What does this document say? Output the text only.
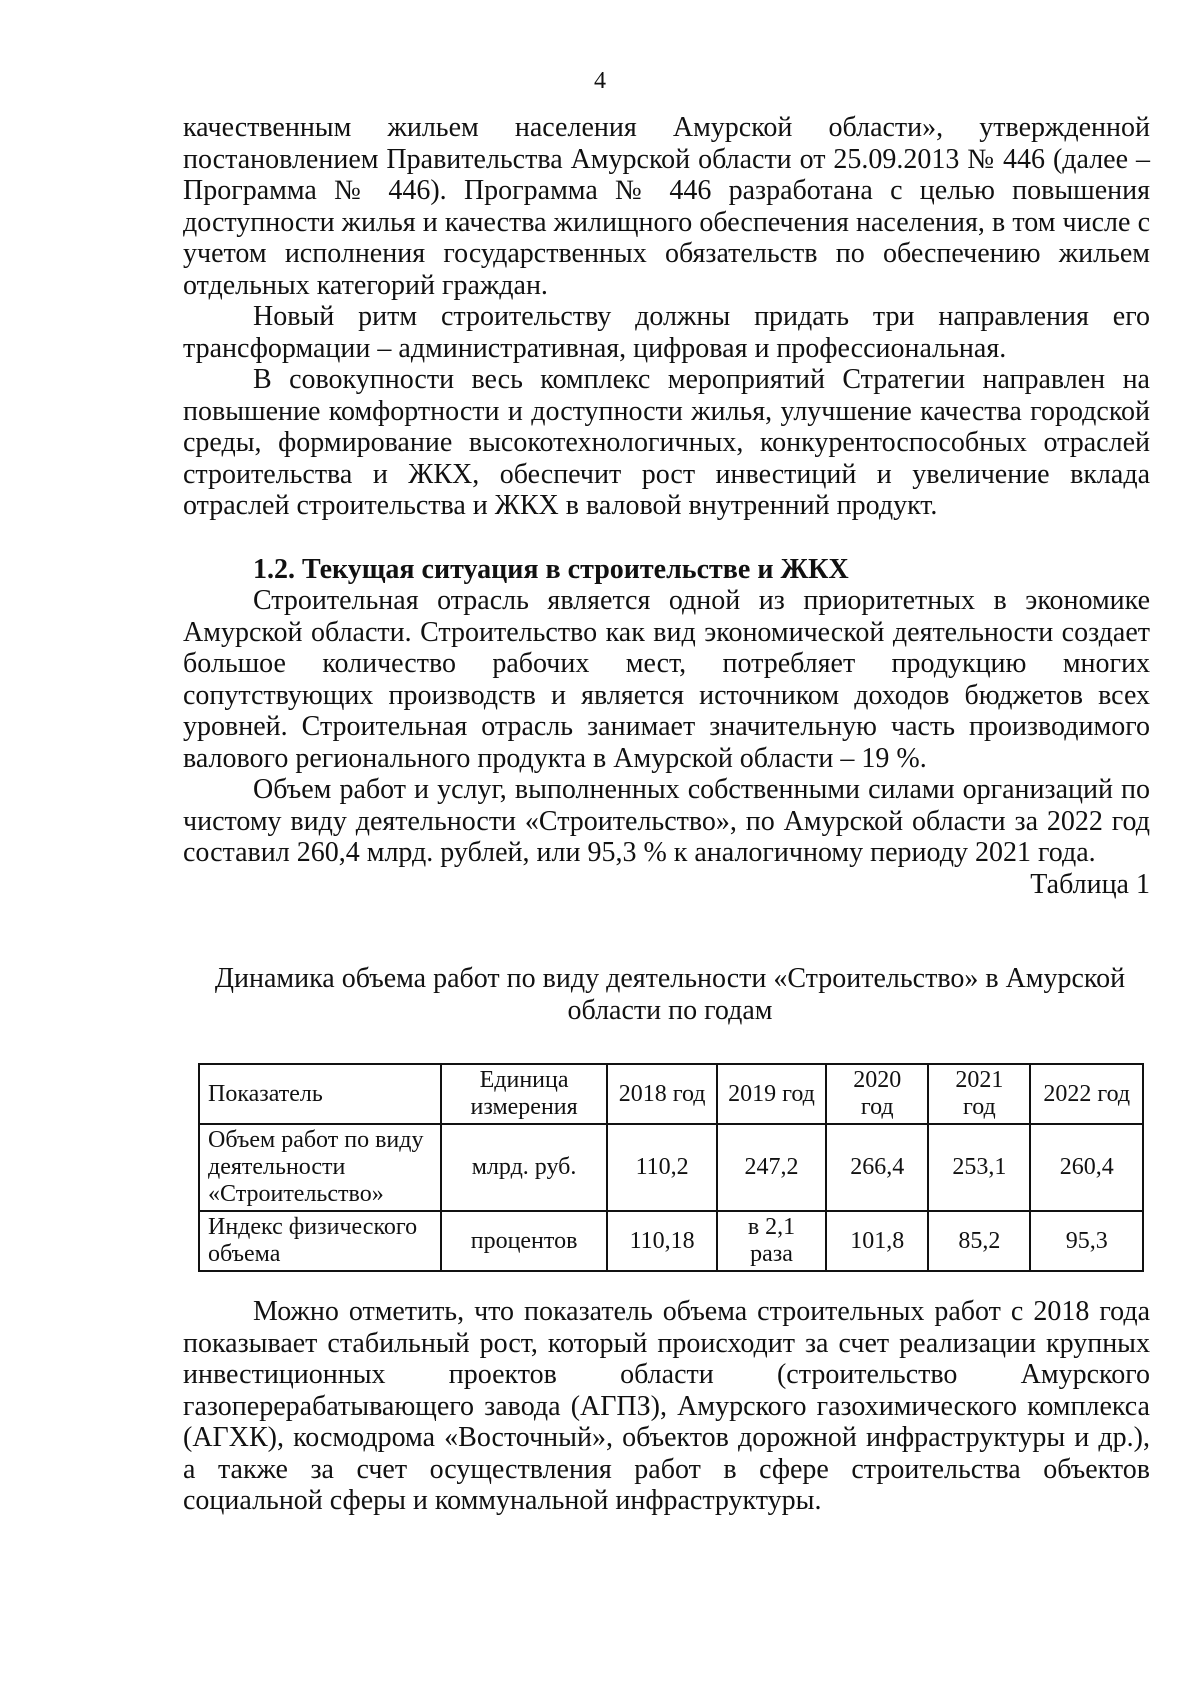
4

качественным жильем населения Амурской области», утвержденной постановлением Правительства Амурской области от 25.09.2013 № 446 (далее – Программа № 446). Программа № 446 разработана с целью повышения доступности жилья и качества жилищного обеспечения населения, в том числе с учетом исполнения государственных обязательств по обеспечению жильем отдельных категорий граждан.

Новый ритм строительству должны придать три направления его трансформации – административная, цифровая и профессиональная.

В совокупности весь комплекс мероприятий Стратегии направлен на повышение комфортности и доступности жилья, улучшение качества городской среды, формирование высокотехнологичных, конкурентоспособных отраслей строительства и ЖКХ, обеспечит рост инвестиций и увеличение вклада отраслей строительства и ЖКХ в валовой внутренний продукт.

1.2. Текущая ситуация в строительстве и ЖКХ

Строительная отрасль является одной из приоритетных в экономике Амурской области. Строительство как вид экономической деятельности создает большое количество рабочих мест, потребляет продукцию многих сопутствующих производств и является источником доходов бюджетов всех уровней. Строительная отрасль занимает значительную часть производимого валового регионального продукта в Амурской области – 19 %.

Объем работ и услуг, выполненных собственными силами организаций по чистому виду деятельности «Строительство», по Амурской области за 2022 год составил 260,4 млрд. рублей, или 95,3 % к аналогичному периоду 2021 года.

Таблица 1

Динамика объема работ по виду деятельности «Строительство» в Амурской области по годам

Показатель	Единица измерения	2018 год	2019 год	2020 год	2021 год	2022 год
Объем работ по виду деятельности «Строительство»	млрд. руб.	110,2	247,2	266,4	253,1	260,4
Индекс физического объема	процентов	110,18	в 2,1 раза	101,8	85,2	95,3

Можно отметить, что показатель объема строительных работ с 2018 года показывает стабильный рост, который происходит за счет реализации крупных инвестиционных проектов области (строительство Амурского газоперерабатывающего завода (АГПЗ), Амурского газохимического комплекса (АГХК), космодрома «Восточный», объектов дорожной инфраструктуры и др.), а также за счет осуществления работ в сфере строительства объектов социальной сферы и коммунальной инфраструктуры.
